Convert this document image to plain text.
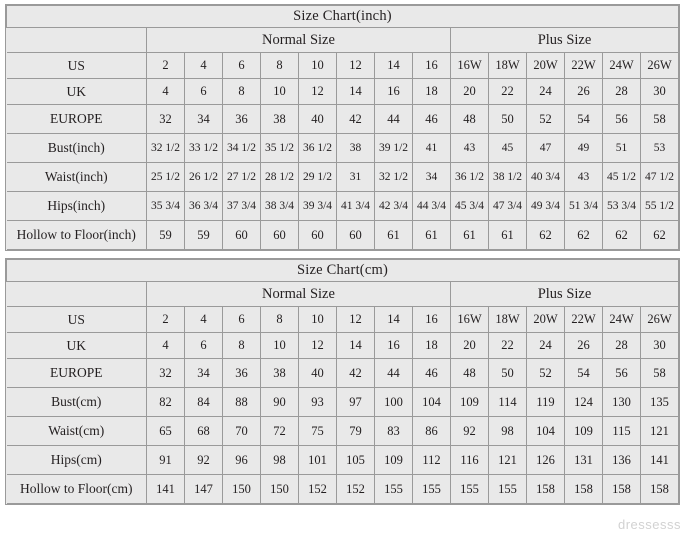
Size Chart(inch)														
	Normal Size								Plus Size					
US	2	4	6	8	10	12	14	16	16W	18W	20W	22W	24W	26W
UK	4	6	8	10	12	14	16	18	20	22	24	26	28	30
EUROPE	32	34	36	38	40	42	44	46	48	50	52	54	56	58
Bust(inch)	32 1/2	33 1/2	34 1/2	35 1/2	36 1/2	38	39 1/2	41	43	45	47	49	51	53
Waist(inch)	25 1/2	26 1/2	27 1/2	28 1/2	29 1/2	31	32 1/2	34	36 1/2	38 1/2	40 3/4	43	45 1/2	47 1/2
Hips(inch)	35 3/4	36 3/4	37 3/4	38 3/4	39 3/4	41 3/4	42 3/4	44 3/4	45 3/4	47 3/4	49 3/4	51 3/4	53 3/4	55 1/2
Hollow to Floor(inch)	59	59	60	60	60	60	61	61	61	61	62	62	62	62
Size Chart(cm)														
	Normal Size								Plus Size					
US	2	4	6	8	10	12	14	16	16W	18W	20W	22W	24W	26W
UK	4	6	8	10	12	14	16	18	20	22	24	26	28	30
EUROPE	32	34	36	38	40	42	44	46	48	50	52	54	56	58
Bust(cm)	82	84	88	90	93	97	100	104	109	114	119	124	130	135
Waist(cm)	65	68	70	72	75	79	83	86	92	98	104	109	115	121
Hips(cm)	91	92	96	98	101	105	109	112	116	121	126	131	136	141
Hollow to Floor(cm)	141	147	150	150	152	152	155	155	155	155	158	158	158	158
dressesss
